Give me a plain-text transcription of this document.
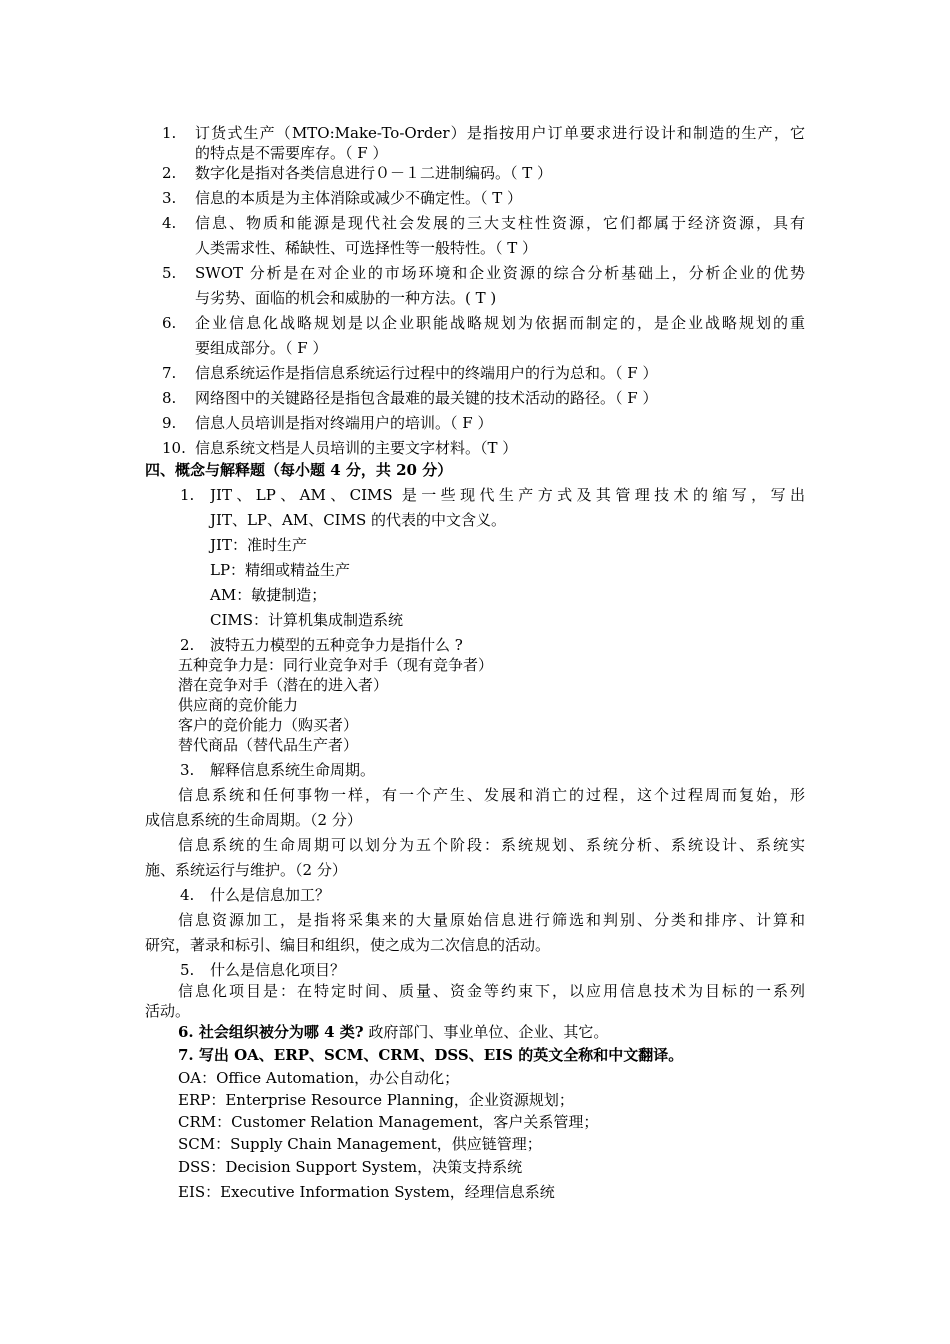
1. 订货式生产（MTO:Make-To-Order）是指按用户订单要求进行设计和制造的生产，它
的特点是不需要库存。（ F ）
2. 数字化是指对各类信息进行０－１二进制编码。（ T ）
3. 信息的本质是为主体消除或减少不确定性。（ T ）
4. 信息、物质和能源是现代社会发展的三大支柱性资源，它们都属于经济资源，具有
人类需求性、稀缺性、可选择性等一般特性。（ T ）
5. SWOT 分析是在对企业的市场环境和企业资源的综合分析基础上，分析企业的优势
与劣势、面临的机会和威胁的一种方法。( T )
6. 企业信息化战略规划是以企业职能战略规划为依据而制定的，是企业战略规划的重
要组成部分。（ F ）
7. 信息系统运作是指信息系统运行过程中的终端用户的行为总和。（ F ）
8. 网络图中的关键路径是指包含最难的最关键的技术活动的路径。（ F ）
9. 信息人员培训是指对终端用户的培训。（ F ）
10. 信息系统文档是人员培训的主要文字材料。（T ）
四、概念与解释题（每小题 4 分，共 20 分）
1. JIT、LP、AM、CIMS 是一些现代生产方式及其管理技术的缩写，写出
JIT、LP、AM、CIMS 的代表的中文含义。
JIT：准时生产
LP：精细或精益生产
AM：敏捷制造；
CIMS：计算机集成制造系统
2. 波特五力模型的五种竞争力是指什么 ?
五种竞争力是：同行业竞争对手（现有竞争者）
潜在竞争对手（潜在的进入者）
供应商的竞价能力
客户的竞价能力（购买者）
替代商品（替代品生产者）
3. 解释信息系统生命周期。
信息系统和任何事物一样，有一个产生、发展和消亡的过程，这个过程周而复始，形
成信息系统的生命周期。（2 分）
信息系统的生命周期可以划分为五个阶段：系统规划、系统分析、系统设计、系统实
施、系统运行与维护。（2 分）
4. 什么是信息加工？
信息资源加工，是指将采集来的大量原始信息进行筛选和判别、分类和排序、计算和
研究，著录和标引、编目和组织，使之成为二次信息的活动。
5. 什么是信息化项目？
信息化项目是：在特定时间、质量、资金等约束下，以应用信息技术为目标的一系列
活动。
6. 社会组织被分为哪 4 类? 政府部门、事业单位、企业、其它。
7. 写出 OA、ERP、SCM、CRM、DSS、EIS 的英文全称和中文翻译。
OA：Office Automation，办公自动化；
ERP：Enterprise Resource Planning，企业资源规划；
CRM：Customer Relation Management，客户关系管理；
SCM：Supply Chain Management，供应链管理；
DSS：Decision Support System，决策支持系统
EIS：Executive Information System，经理信息系统
